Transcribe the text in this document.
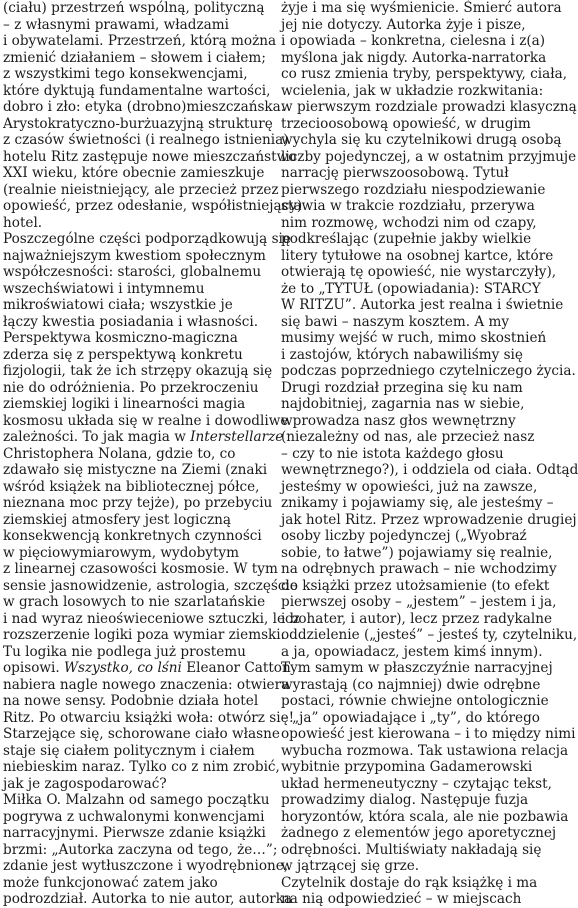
(ciału) przestrzeń wspólną, polityczną
– z własnymi prawami, władzami
i obywatelami. Przestrzeń, którą można
zmienić działaniem – słowem i ciałem;
z wszystkimi tego konsekwencjami,
które dyktują fundamentalne wartości,
dobro i zło: etyka (drobno)mieszczańska.
Arystokratyczno-burżuazyjną strukturę
z czasów świetności (i realnego istnienia)
hotelu Ritz zastępuje nowe mieszczaństwo
XXI wieku, które obecnie zamieszkuje
(realnie nieistniejący, ale przecież przez
opowieść, przez odesłanie, współistniejący)
hotel.
Poszczególne części podporządkowują się
najważniejszym kwestiom społecznym
współczesności: starości, globalnemu
wszechświatowi i intymnemu
mikroświatowi ciała; wszystkie je
łączy kwestia posiadania i własności.
Perspektywa kosmiczno-magiczna
zderza się z perspektywą konkretu
fizjologii, tak że ich strzępy okazują się
nie do odróżnienia. Po przekroczeniu
ziemskiej logiki i linearności magia
kosmosu układa się w realne i dowodliwe
zależności. To jak magia w Interstellarze
Christophera Nolana, gdzie to, co
zdawało się mistyczne na Ziemi (znaki
wśród książek na bibliotecznej półce,
nieznana moc przy tejże), po przebyciu
ziemskiej atmosfery jest logiczną
konsekwencją konkretnych czynności
w pięciowymiarowym, wydobytym
z linearnej czasowości kosmosie. W tym
sensie jasnowidzenie, astrologia, szczęście
w grach losowych to nie szarlatańskie
i nad wyraz nieoświeceniowe sztuczki, lecz
rozszerzenie logiki poza wymiar ziemski.
Tu logika nie podlega już prostemu
opisowi. Wszystko, co lśni Eleanor Catton
nabiera nagle nowego znaczenia: otwiera
na nowe sensy. Podobnie działa hotel
Ritz. Po otwarciu książki woła: otwórz się!
Starzejące się, schorowane ciało własne
staje się ciałem politycznym i ciałem
niebieskim naraz. Tylko co z nim zrobić,
jak je zagospodarować?
Miłka O. Malzahn od samego początku
pogrywa z uchwalonymi konwencjami
narracyjnymi. Pierwsze zdanie książki
brzmi: „Autorka zaczyna od tego, że…”;
zdanie jest wytłuszczone i wyodrębnione,
może funkcjonować zatem jako
podrozdział. Autorka to nie autor, autorka
żyje i ma się wyśmienicie. Śmierć autora
jej nie dotyczy. Autorka żyje i pisze,
i opowiada – konkretna, cielesna i z(a)
myślona jak nigdy. Autorka-narratorka
co rusz zmienia tryby, perspektywy, ciała,
wcielenia, jak w układzie rozkwitania:
w pierwszym rozdziale prowadzi klasyczną
trzecioosobową opowieść, w drugim
wychyla się ku czytelnikowi drugą osobą
liczby pojedynczej, a w ostatnim przyjmuje
narrację pierwszoosobową. Tytuł
pierwszego rozdziału niespodziewanie
stawia w trakcie rozdziału, przerywa
nim rozmowę, wchodzi nim od czapy,
podkreślając (zupełnie jakby wielkie
litery tytułowe na osobnej kartce, które
otwierają tę opowieść, nie wystarczyły),
że to „TYTUŁ (opowiadania): STARCY
W RITZU”. Autorka jest realna i świetnie
się bawi – naszym kosztem. A my
musimy wejść w ruch, mimo skostnień
i zastojów, których nabawiliśmy się
podczas poprzedniego czytelniczego życia.
Drugi rozdział przegina się ku nam
najdobitniej, zagarnia nas w siebie,
wprowadza nasz głos wewnętrzny
(niezależny od nas, ale przecież nasz
– czy to nie istota każdego głosu
wewnętrznego?), i oddziela od ciała. Odtąd
jesteśmy w opowieści, już na zawsze,
znikamy i pojawiamy się, ale jesteśmy –
jak hotel Ritz. Przez wprowadzenie drugiej
osoby liczby pojedynczej („Wyobraź
sobie, to łatwe”) pojawiamy się realnie,
na odrębnych prawach – nie wchodzimy
do książki przez utożsamienie (to efekt
pierwszej osoby – „jestem” – jestem i ja,
i bohater, i autor), lecz przez radykalne
oddzielenie („jesteś” – jesteś ty, czytelniku,
a ja, opowiadacz, jestem kimś innym).
Tym samym w płaszczyźnie narracyjnej
wyrastają (co najmniej) dwie odrębne
postaci, równie chwiejne ontologicznie
– „ja” opowiadające i „ty”, do którego
opowieść jest kierowana – i to między nimi
wybucha rozmowa. Tak ustawiona relacja
wybitnie przypomina Gadamerowski
układ hermeneutyczny – czytając tekst,
prowadzimy dialog. Następuje fuzja
horyzontów, która scala, ale nie pozbawia
żadnego z elementów jego aporetycznej
odrębności. Multiświaty nakładają się
w jątrzącej się grze.
Czytelnik dostaje do rąk książkę i ma
na nią odpowiedzieć – w miejscach
